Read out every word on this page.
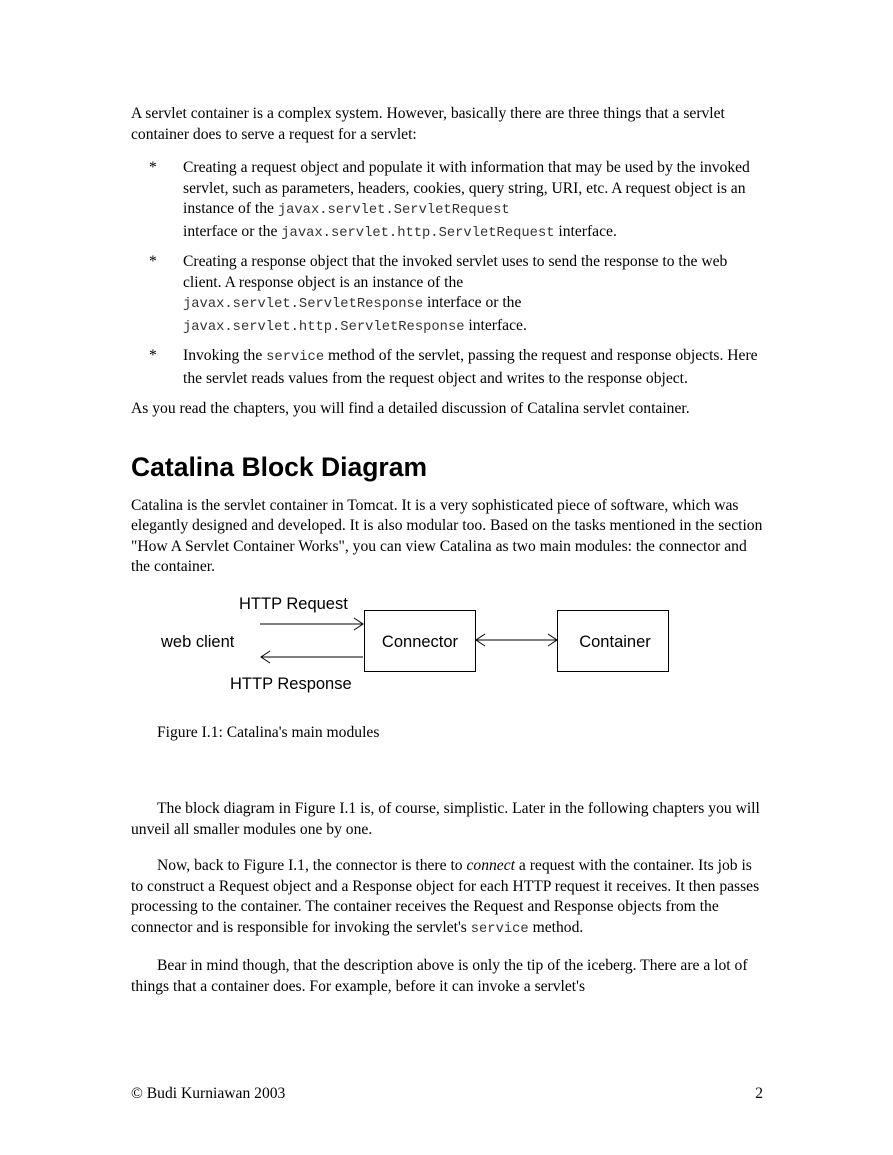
A servlet container is a complex system. However, basically there are three things that a servlet container does to serve a request for a servlet:

* Creating a request object and populate it with information that may be used by the invoked servlet, such as parameters, headers, cookies, query string, URI, etc. A request object is an instance of the javax.servlet.ServletRequest
interface or the javax.servlet.http.ServletRequest interface.
* Creating a response object that the invoked servlet uses to send the response to the web client. A response object is an instance of the
javax.servlet.ServletResponse interface or the
javax.servlet.http.ServletResponse interface.
* Invoking the service method of the servlet, passing the request and response objects. Here the servlet reads values from the request object and writes to the response object.

As you read the chapters, you will find a detailed discussion of Catalina servlet container.

Catalina Block Diagram

Catalina is the servlet container in Tomcat. It is a very sophisticated piece of software, which was elegantly designed and developed. It is also modular too. Based on the tasks mentioned in the section "How A Servlet Container Works", you can view Catalina as two main modules: the connector and the container.

HTTP Request
web client
HTTP Response
Connector	Container

Figure I.1: Catalina's main modules

The block diagram in Figure I.1 is, of course, simplistic. Later in the following chapters you will unveil all smaller modules one by one.

Now, back to Figure I.1, the connector is there to connect a request with the container. Its job is to construct a Request object and a Response object for each HTTP request it receives. It then passes processing to the container. The container receives the Request and Response objects from the connector and is responsible for invoking the servlet's service method.

Bear in mind though, that the description above is only the tip of the iceberg. There are a lot of things that a container does. For example, before it can invoke a servlet's

© Budi Kurniawan 2003	2
